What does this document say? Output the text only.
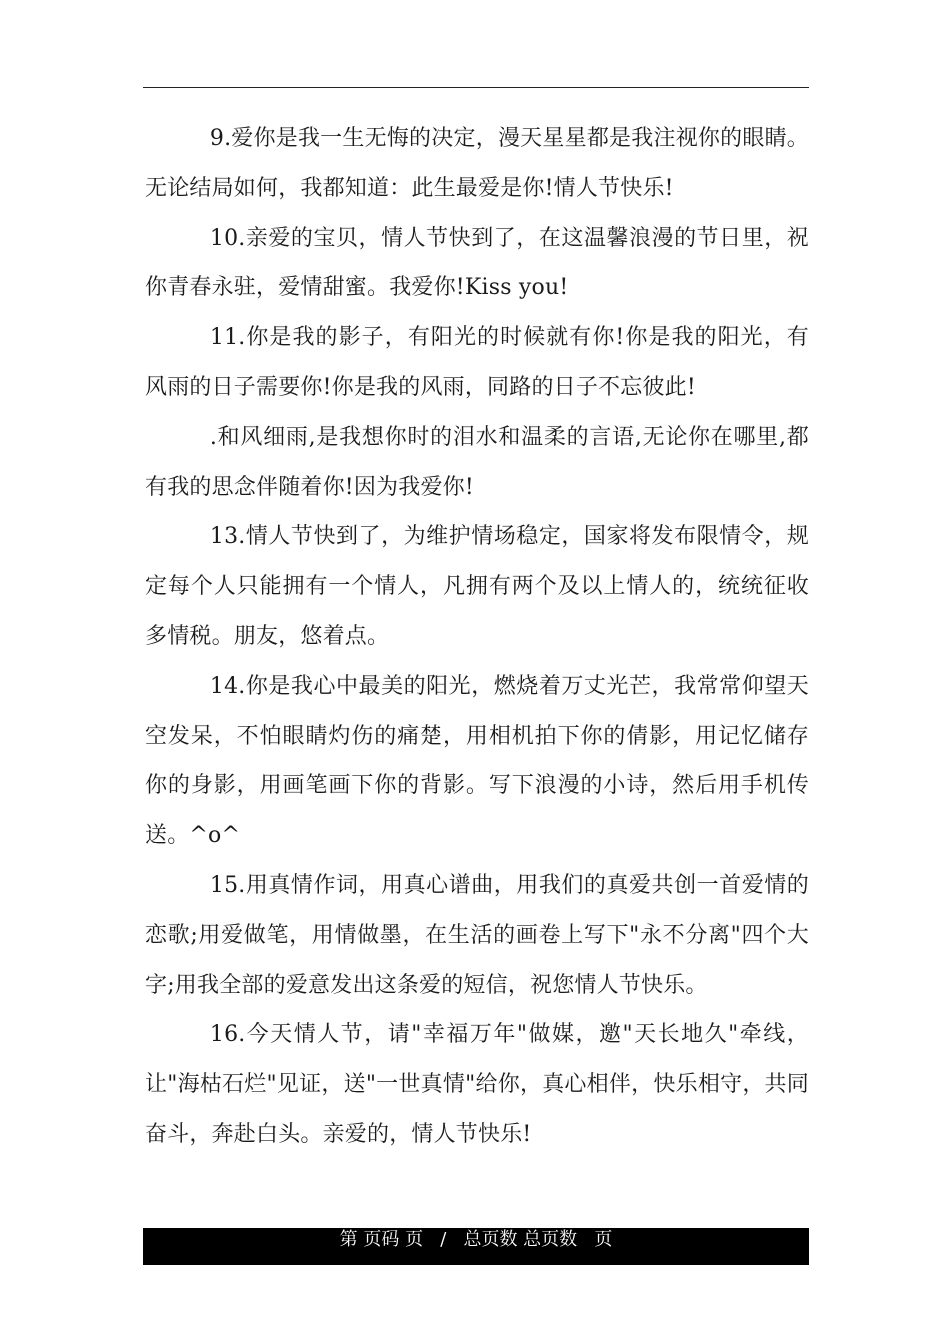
9.爱你是我一生无悔的决定，漫天星星都是我注视你的眼睛。无论结局如何，我都知道：此生最爱是你!情人节快乐!

10.亲爱的宝贝，情人节快到了，在这温馨浪漫的节日里，祝你青春永驻，爱情甜蜜。我爱你!Kiss you!

11.你是我的影子，有阳光的时候就有你!你是我的阳光，有风雨的日子需要你!你是我的风雨，同路的日子不忘彼此!

.和风细雨,是我想你时的泪水和温柔的言语,无论你在哪里,都有我的思念伴随着你!因为我爱你!

13.情人节快到了，为维护情场稳定，国家将发布限情令，规定每个人只能拥有一个情人，凡拥有两个及以上情人的，统统征收多情税。朋友，悠着点。

14.你是我心中最美的阳光，燃烧着万丈光芒，我常常仰望天空发呆，不怕眼睛灼伤的痛楚，用相机拍下你的倩影，用记忆储存你的身影，用画笔画下你的背影。写下浪漫的小诗，然后用手机传送。^o^

15.用真情作词，用真心谱曲，用我们的真爱共创一首爱情的恋歌;用爱做笔，用情做墨，在生活的画卷上写下"永不分离"四个大字;用我全部的爱意发出这条爱的短信，祝您情人节快乐。

16.今天情人节，请"幸福万年"做媒，邀"天长地久"牵线，让"海枯石烂"见证，送"一世真情"给你，真心相伴，快乐相守，共同奋斗，奔赴白头。亲爱的，情人节快乐!

第 页码 页   /   总页数 总页数   页
